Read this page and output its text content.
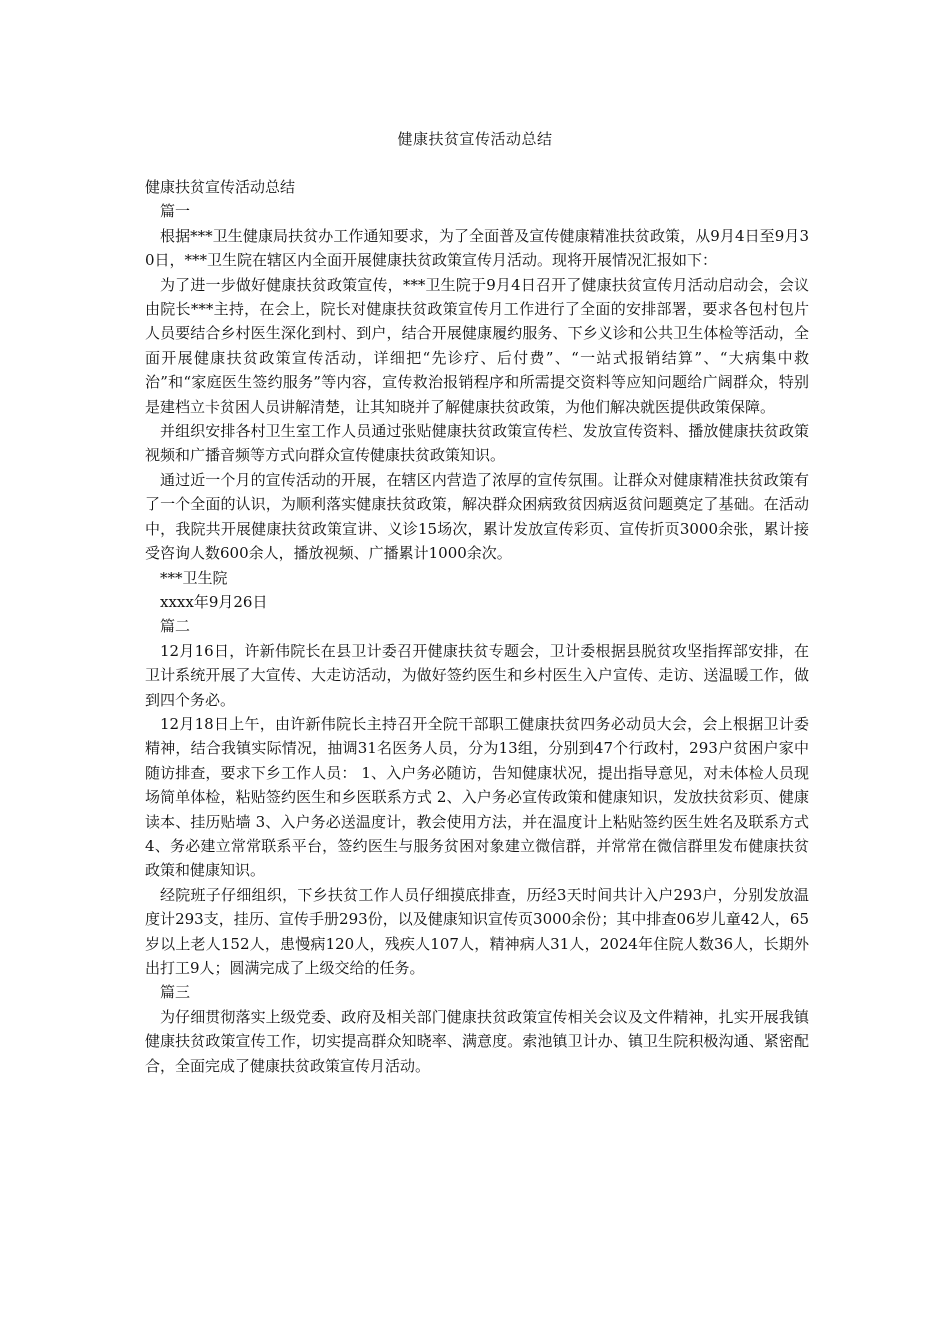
健康扶贫宣传活动总结

健康扶贫宣传活动总结

篇一

根据***卫生健康局扶贫办工作通知要求，为了全面普及宣传健康精准扶贫政策，从9月4日至9月30日，***卫生院在辖区内全面开展健康扶贫政策宣传月活动。现将开展情况汇报如下：

为了进一步做好健康扶贫政策宣传，***卫生院于9月4日召开了健康扶贫宣传月活动启动会，会议由院长***主持，在会上，院长对健康扶贫政策宣传月工作进行了全面的安排部署，要求各包村包片人员要结合乡村医生深化到村、到户，结合开展健康履约服务、下乡义诊和公共卫生体检等活动，全面开展健康扶贫政策宣传活动，详细把“先诊疗、后付费”、“一站式报销结算”、“大病集中救治”和“家庭医生签约服务”等内容，宣传救治报销程序和所需提交资料等应知问题给广阔群众，特别是建档立卡贫困人员讲解清楚，让其知晓并了解健康扶贫政策，为他们解决就医提供政策保障。

并组织安排各村卫生室工作人员通过张贴健康扶贫政策宣传栏、发放宣传资料、播放健康扶贫政策视频和广播音频等方式向群众宣传健康扶贫政策知识。

通过近一个月的宣传活动的开展，在辖区内营造了浓厚的宣传氛围。让群众对健康精准扶贫政策有了一个全面的认识，为顺利落实健康扶贫政策，解决群众困病致贫因病返贫问题奠定了基础。在活动中，我院共开展健康扶贫政策宣讲、义诊15场次，累计发放宣传彩页、宣传折页3000余张，累计接受咨询人数600余人，播放视频、广播累计1000余次。

***卫生院

xxxx年9月26日

篇二

12月16日，许新伟院长在县卫计委召开健康扶贫专题会，卫计委根据县脱贫攻坚指挥部安排，在卫计系统开展了大宣传、大走访活动，为做好签约医生和乡村医生入户宣传、走访、送温暖工作，做到四个务必。

12月18日上午，由许新伟院长主持召开全院干部职工健康扶贫四务必动员大会，会上根据卫计委精神，结合我镇实际情况，抽调31名医务人员，分为13组，分别到47个行政村，293户贫困户家中随访排查，要求下乡工作人员： 1、入户务必随访，告知健康状况，提出指导意见，对未体检人员现场简单体检，粘贴签约医生和乡医联系方式 2、入户务必宣传政策和健康知识，发放扶贫彩页、健康读本、挂历贴墙 3、入户务必送温度计，教会使用方法，并在温度计上粘贴签约医生姓名及联系方式 4、务必建立常常联系平台，签约医生与服务贫困对象建立微信群，并常常在微信群里发布健康扶贫政策和健康知识。

经院班子仔细组织，下乡扶贫工作人员仔细摸底排查，历经3天时间共计入户293户，分别发放温度计293支，挂历、宣传手册293份，以及健康知识宣传页3000余份；其中排查06岁儿童42人，65岁以上老人152人，患慢病120人，残疾人107人，精神病人31人，2024年住院人数36人，长期外出打工9人；圆满完成了上级交给的任务。

篇三

为仔细贯彻落实上级党委、政府及相关部门健康扶贫政策宣传相关会议及文件精神，扎实开展我镇健康扶贫政策宣传工作，切实提高群众知晓率、满意度。索池镇卫计办、镇卫生院积极沟通、紧密配合，全面完成了健康扶贫政策宣传月活动。
